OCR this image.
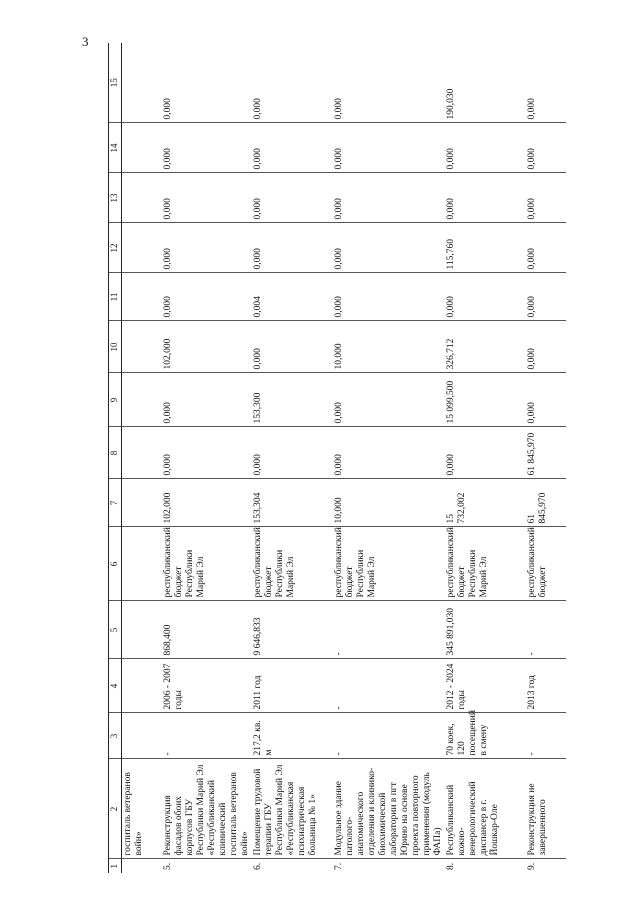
3
1	2	3	4	5	6	7	8	9	10	11	12	13	14	15
	госпиталь ветеранов войн»													
5.	Реконструкция фасадов обоих корпусов ГБУ Республики Марий Эл «Республиканский клинический госпиталь ветеранов войн»	-	2006 - 2007 годы	868,400	республиканский бюджет Республики Марий Эл	102,000	0,000	0,000	102,000	0,000	0,000	0,000	0,000	0,000
6.	Помещение трудовой терапии ГБУ Республики Марий Эл «Республиканская психиатрическая больница № 1»	217,2 кв. м	2011 год	9 646,833	республиканский бюджет Республики Марий Эл	153,304	0,000	153,300	0,000	0,004	0,000	0,000	0,000	0,000
7.	Модульное здание патолого-анатомического отделения и клинико-биохимической лаборатории в пгт Юрино на основе проекта повторного применения (модуль ФАПа)	-	-	-	республиканский бюджет Республики Марий Эл	10,000	0,000	0,000	10,000	0,000	0,000	0,000	0,000	0,000
8.	Республиканский кожно-венерологический диспансер в г. Йошкар-Оле	70 коек, 120 посещений в смену	2012 - 2024 годы	345 891,030	республиканский бюджет Республики Марий Эл	15 732,002	0,000	15 099,500	326,712	0,000	115,760	0,000	0,000	190,030
9.	Реконструкция не завершенного	-	2013 год	-	республиканский бюджет	61 845,970	61 845,970	0,000	0,000	0,000	0,000	0,000	0,000	0,000
